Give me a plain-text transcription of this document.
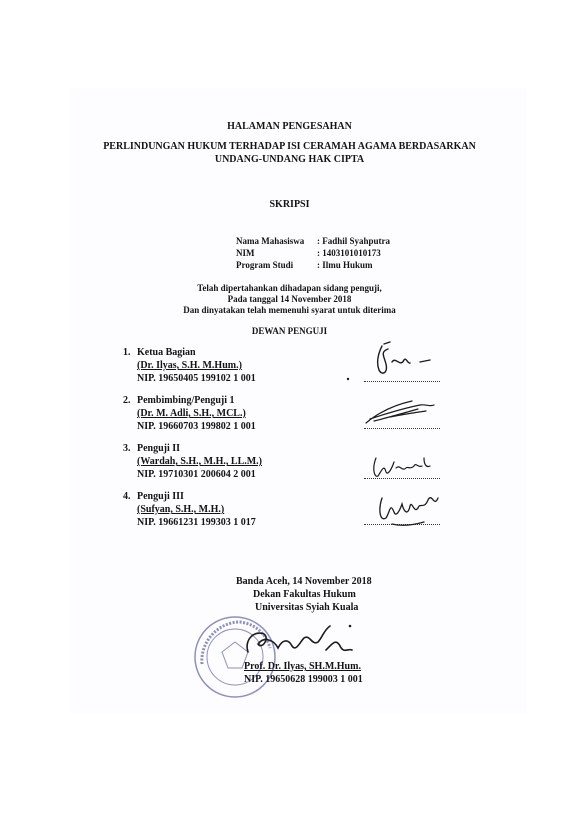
HALAMAN PENGESAHAN
PERLINDUNGAN HUKUM TERHADAP ISI CERAMAH AGAMA BERDASARKAN
UNDANG-UNDANG HAK CIPTA
SKRIPSI
Nama Mahasiswa : Fadhil Syahputra
NIM	: 1403101010173
Program Studi	: Ilmu Hukum
Telah dipertahankan dihadapan sidang penguji,
Pada tanggal 14 November 2018
Dan dinyatakan telah memenuhi syarat untuk diterima
DEWAN PENGUJI
1. Ketua Bagian
(Dr. Ilyas, S.H. M.Hum.)
NIP. 19650405 199102 1 001
2. Pembimbing/Penguji 1
(Dr. M. Adli, S.H., MCL.)
NIP. 19660703 199802 1 001
3. Penguji II
(Wardah, S.H., M.H., LL.M.)
NIP. 19710301 200604 2 001
4. Penguji III
(Sufyan, S.H., M.H.)
NIP. 19661231 199303 1 017
Banda Aceh, 14 November 2018
Dekan Fakultas Hukum
Universitas Syiah Kuala
Prof. Dr. Ilyas, SH.M.Hum.
NIP. 19650628 199003 1 001
